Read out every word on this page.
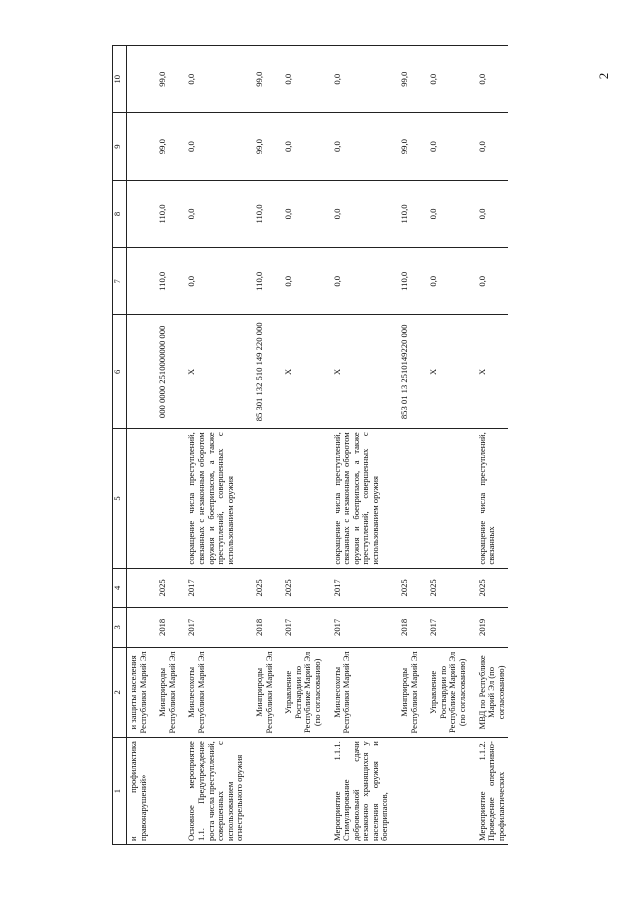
2
1	2	3	4	5	6	7	8	9	10
и профилактика правонарушений»	и защиты населения Республики Марий Эл								
	Минприроды Республики Марий Эл	2018	2025		000 0000 2510000000 000	110,0	110,0	99,0	99,0
Основное мероприятие 1.1. Предупреждение роста числа преступлений, совершенных с использованием огнестрельного оружия	Минлесохоты Республики Марий Эл	2017	2017	сокращение числа преступлений, связанных с незаконным оборотом оружия и боеприпасов, а также преступлений, совершенных с использованием оружия	X	0,0	0,0	0,0	0,0
	Минприроды Республики Марий Эл	2018	2025		85 301 132 510 149 220 000	110,0	110,0	99,0	99,0
	Управление Росгвардии по Республике Марий Эл (по согласованию)	2017	2025		X	0,0	0,0	0,0	0,0
Мероприятие 1.1.1. Стимулирование добровольной сдачи незаконно хранящихся у населения оружия и боеприпасов,	Минлесохоты Республики Марий Эл	2017	2017	сокращение числа преступлений, связанных с незаконным оборотом оружия и боеприпасов, а также преступлений, совершенных с использованием оружия	X	0,0	0,0	0,0	0,0
	Минприроды Республики Марий Эл	2018	2025		853 01 13 2510149220 000	110,0	110,0	99,0	99,0
	Управление Росгвардии по Республике Марий Эл (по согласованию)	2017	2025		X	0,0	0,0	0,0	0,0
Мероприятие 1.1.2. Проведение оперативно-профилактических	МВД по Республике Марий Эл (по согласованию)	2019	2025	сокращение числа преступлений, связанных	X	0,0	0,0	0,0	0,0
